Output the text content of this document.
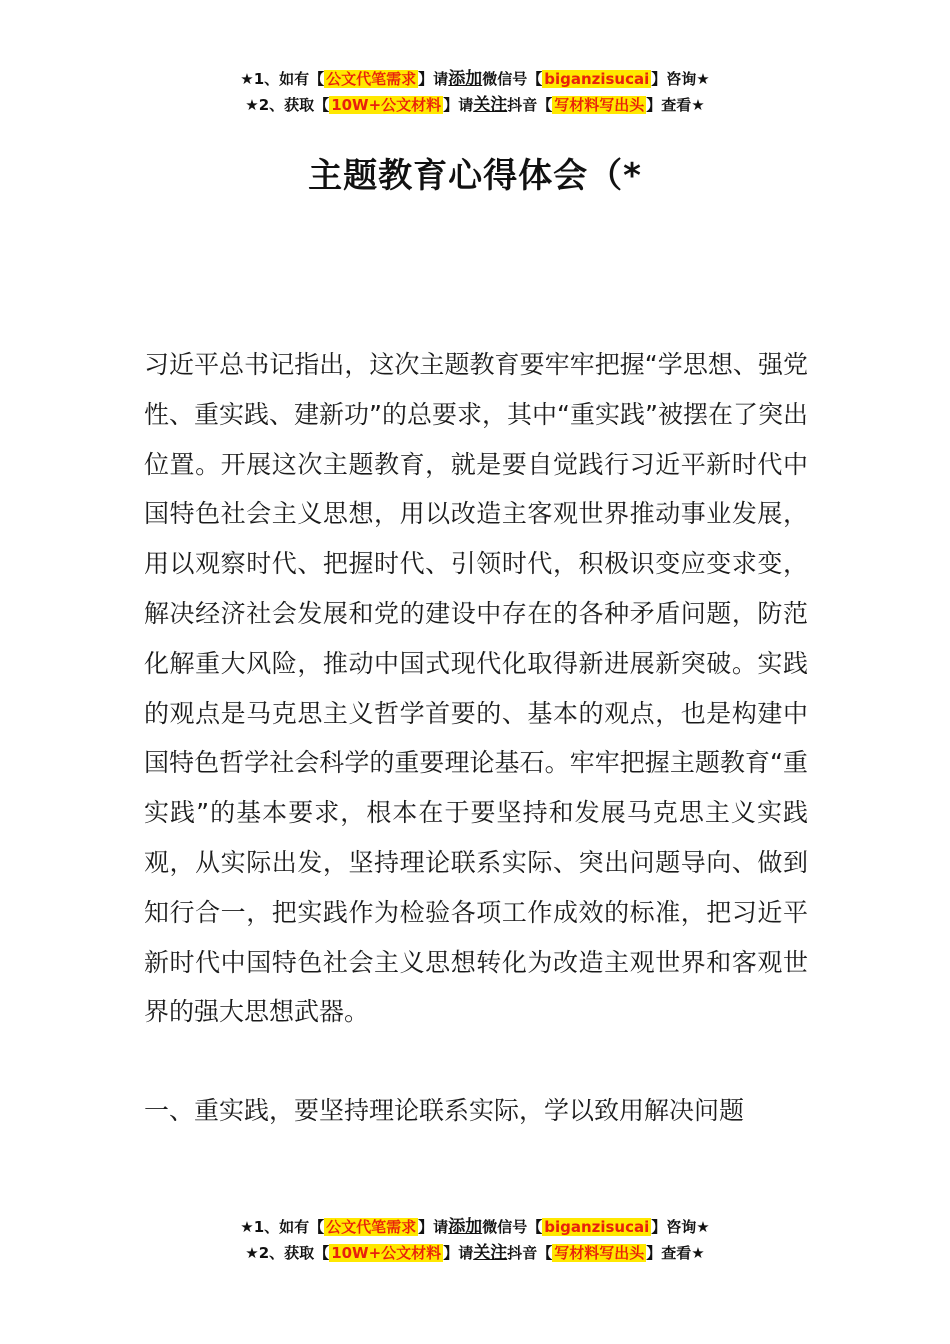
★1、如有【 公文代笔需求 】请添加微信号【 biganzisucai 】咨询★
★2、获取【 10W+公文材料 】请关注抖音【 写材料写出头 】查看★
主题教育心得体会（*
习近平总书记指出，这次主题教育要牢牢把握“学思想、强党性、重实践、建新功”的总要求，其中“重实践”被摆在了突出位置。开展这次主题教育，就是要自觉践行习近平新时代中国特色社会主义思想，用以改造主客观世界推动事业发展，用以观察时代、把握时代、引领时代，积极识变应变求变，解决经济社会发展和党的建设中存在的各种矛盾问题，防范化解重大风险，推动中国式现代化取得新进展新突破。实践的观点是马克思主义哲学首要的、基本的观点，也是构建中国特色哲学社会科学的重要理论基石。牢牢把握主题教育“重实践”的基本要求，根本在于要坚持和发展马克思主义实践观，从实际出发，坚持理论联系实际、突出问题导向、做到知行合一，把实践作为检验各项工作成效的标准，把习近平新时代中国特色社会主义思想转化为改造主观世界和客观世界的强大思想武器。
一、重实践，要坚持理论联系实际，学以致用解决问题
★1、如有【 公文代笔需求 】请添加微信号【 biganzisucai 】咨询★
★2、获取【 10W+公文材料 】请关注抖音【 写材料写出头 】查看★
